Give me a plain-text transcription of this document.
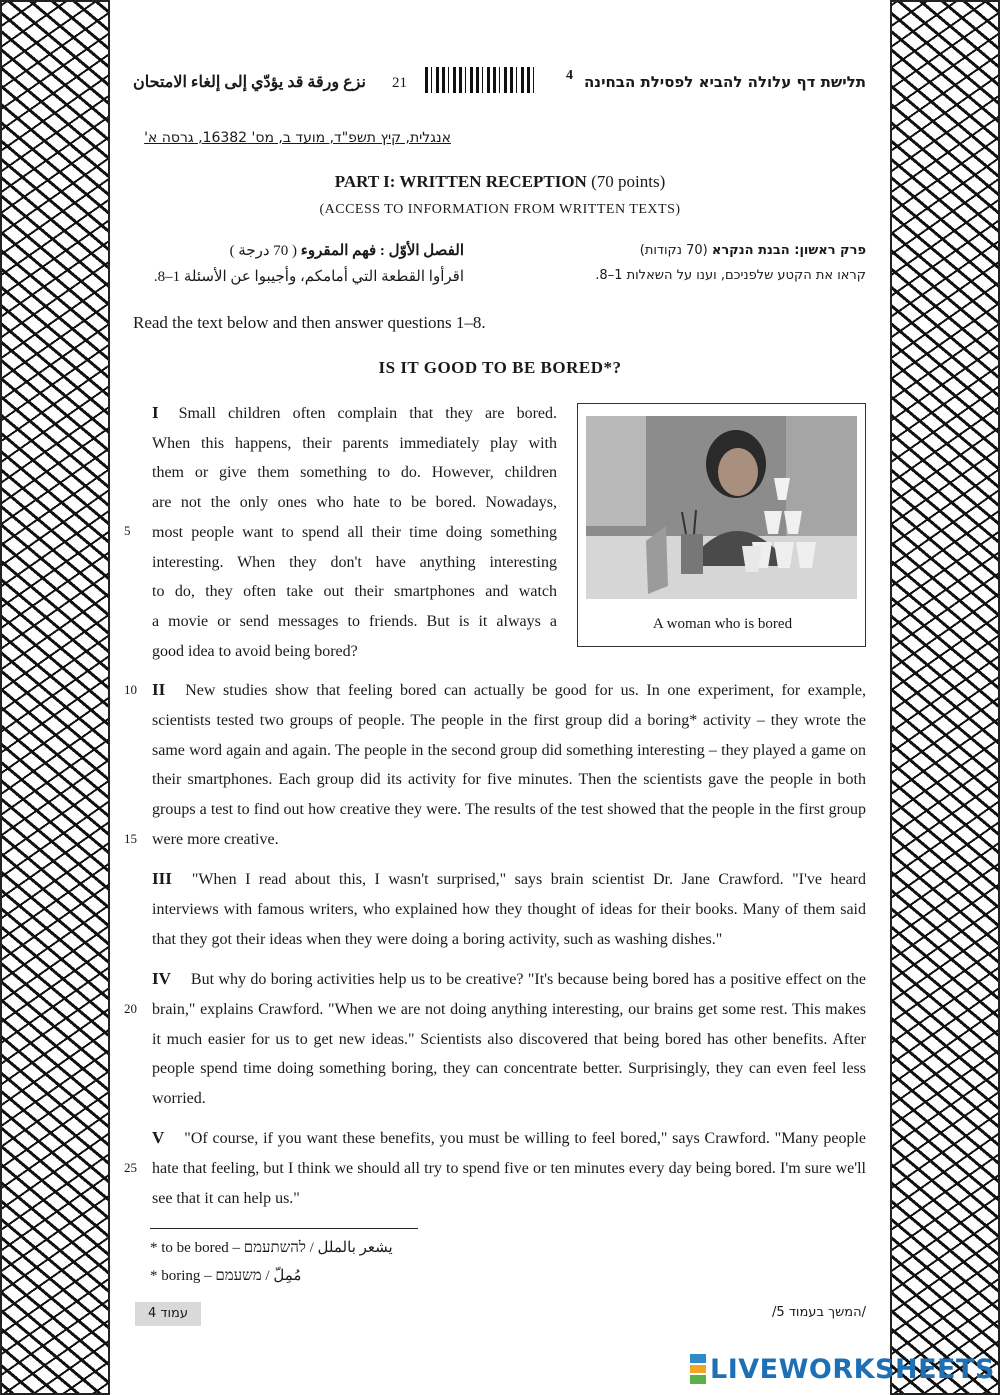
نزع ورقة قد يؤدّي إلى إلغاء الامتحان 21	4 תלישת דף עלולה להביא לפסילת הבחינה
אנגלית, קיץ תשפ"ד, מועד ב, מס' 16382, גרסה א'
PART I: WRITTEN RECEPTION (70 points)
(ACCESS TO INFORMATION FROM WRITTEN TEXTS)
الفصل الأوّل : فهم المقروء ( 70 درجة )
اقرأوا القطعة التي أمامكم، وأجيبوا عن الأسئلة 1–8.
פרק ראשון: הבנת הנקרא (70 נקודות)
קראו את הקטע שלפניכם, וענו על השאלות 1–8.
Read the text below and then answer questions 1–8.
IS IT GOOD TO BE BORED*?
I Small children often complain that they are bored.
When this happens, their parents immediately play with
them or give them something to do. However, children
are not the only ones who hate to be bored. Nowadays,
most people want to spend all their time doing something
interesting. When they don't have anything interesting
to do, they often take out their smartphones and watch
a movie or send messages to friends. But is it always a
good idea to avoid being bored?
A woman who is bored
II New studies show that feeling bored can actually be good for us. In one experiment, for example, scientists tested two groups of people. The people in the first group did a boring* activity – they wrote the same word again and again. The people in the second group did something interesting – they played a game on their smartphones. Each group did its activity for five minutes. Then the scientists gave the people in both groups a test to find out how creative they were. The results of the test showed that the people in the first group were more creative.
III "When I read about this, I wasn't surprised," says brain scientist Dr. Jane Crawford. "I've heard interviews with famous writers, who explained how they thought of ideas for their books. Many of them said that they got their ideas when they were doing a boring activity, such as washing dishes."
IV But why do boring activities help us to be creative? "It's because being bored has a positive effect on the brain," explains Crawford. "When we are not doing anything interesting, our brains get some rest. This makes it much easier for us to get new ideas." Scientists also discovered that being bored has other benefits. After people spend time doing something boring, they can concentrate better. Surprisingly, they can even feel less worried.
V "Of course, if you want these benefits, you must be willing to feel bored," says Crawford. "Many people hate that feeling, but I think we should all try to spend five or ten minutes every day being bored. I'm sure we'll see that it can help us."
5
10
15
20
25
* to be bored – يشعر بالملل / להשתעמם
* boring – مُمِلّ / משעמם
עמוד 4	/המשך בעמוד 5/
LIVEWORKSHEETS
